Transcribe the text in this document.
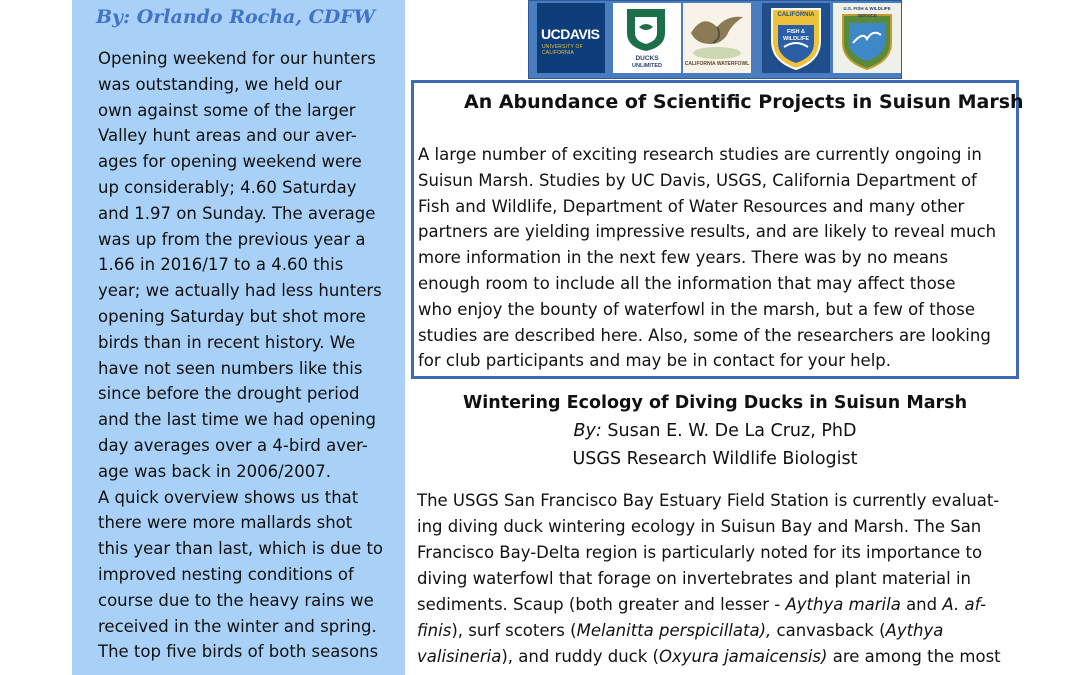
By: Orlando Rocha, CDFW

Opening weekend for our hunters

was outstanding, we held our

own against some of the larger

Valley hunt areas and our aver-

ages for opening weekend were

up considerably; 4.60 Saturday

and 1.97 on Sunday. The average

was up from the previous year a

1.66 in 2016/17 to a 4.60 this

year; we actually had less hunters

opening Saturday but shot more

birds than in recent history. We

have not seen numbers like this

since before the drought period

and the last time we had opening

day averages over a 4-bird aver-

age was back in 2006/2007.

A quick overview shows us that

there were more mallards shot

this year than last, which is due to

improved nesting conditions of

course due to the heavy rains we

received in the winter and spring.

The top five birds of both seasons

UCDAVIS
UNIVERSITY OF CALIFORNIA
DUCKS
UNLIMITED	CALIFORNIA WATERFOWL
CALIFORNIA
FISH &
WILDLIFE
U.S. FISH & WILDLIFE SERVICE
An Abundance of Scientific Projects in Suisun Marsh

A large number of exciting research studies are currently ongoing in

Suisun Marsh. Studies by UC Davis, USGS, California Department of

Fish and Wildlife, Department of Water Resources and many other

partners are yielding impressive results, and are likely to reveal much

more information in the next few years. There was by no means

enough room to include all the information that may affect those

who enjoy the bounty of waterfowl in the marsh, but a few of those

studies are described here. Also, some of the researchers are looking

for club participants and may be in contact for your help.

Wintering Ecology of Diving Ducks in Suisun Marsh

By: Susan E. W. De La Cruz, PhD

USGS Research Wildlife Biologist

The USGS San Francisco Bay Estuary Field Station is currently evaluat-

ing diving duck wintering ecology in Suisun Bay and Marsh. The San

Francisco Bay-Delta region is particularly noted for its importance to

diving waterfowl that forage on invertebrates and plant material in

sediments. Scaup (both greater and lesser - Aythya marila and A. af-

finis), surf scoters (Melanitta perspicillata), canvasback (Aythya

valisineria), and ruddy duck (Oxyura jamaicensis) are among the most
